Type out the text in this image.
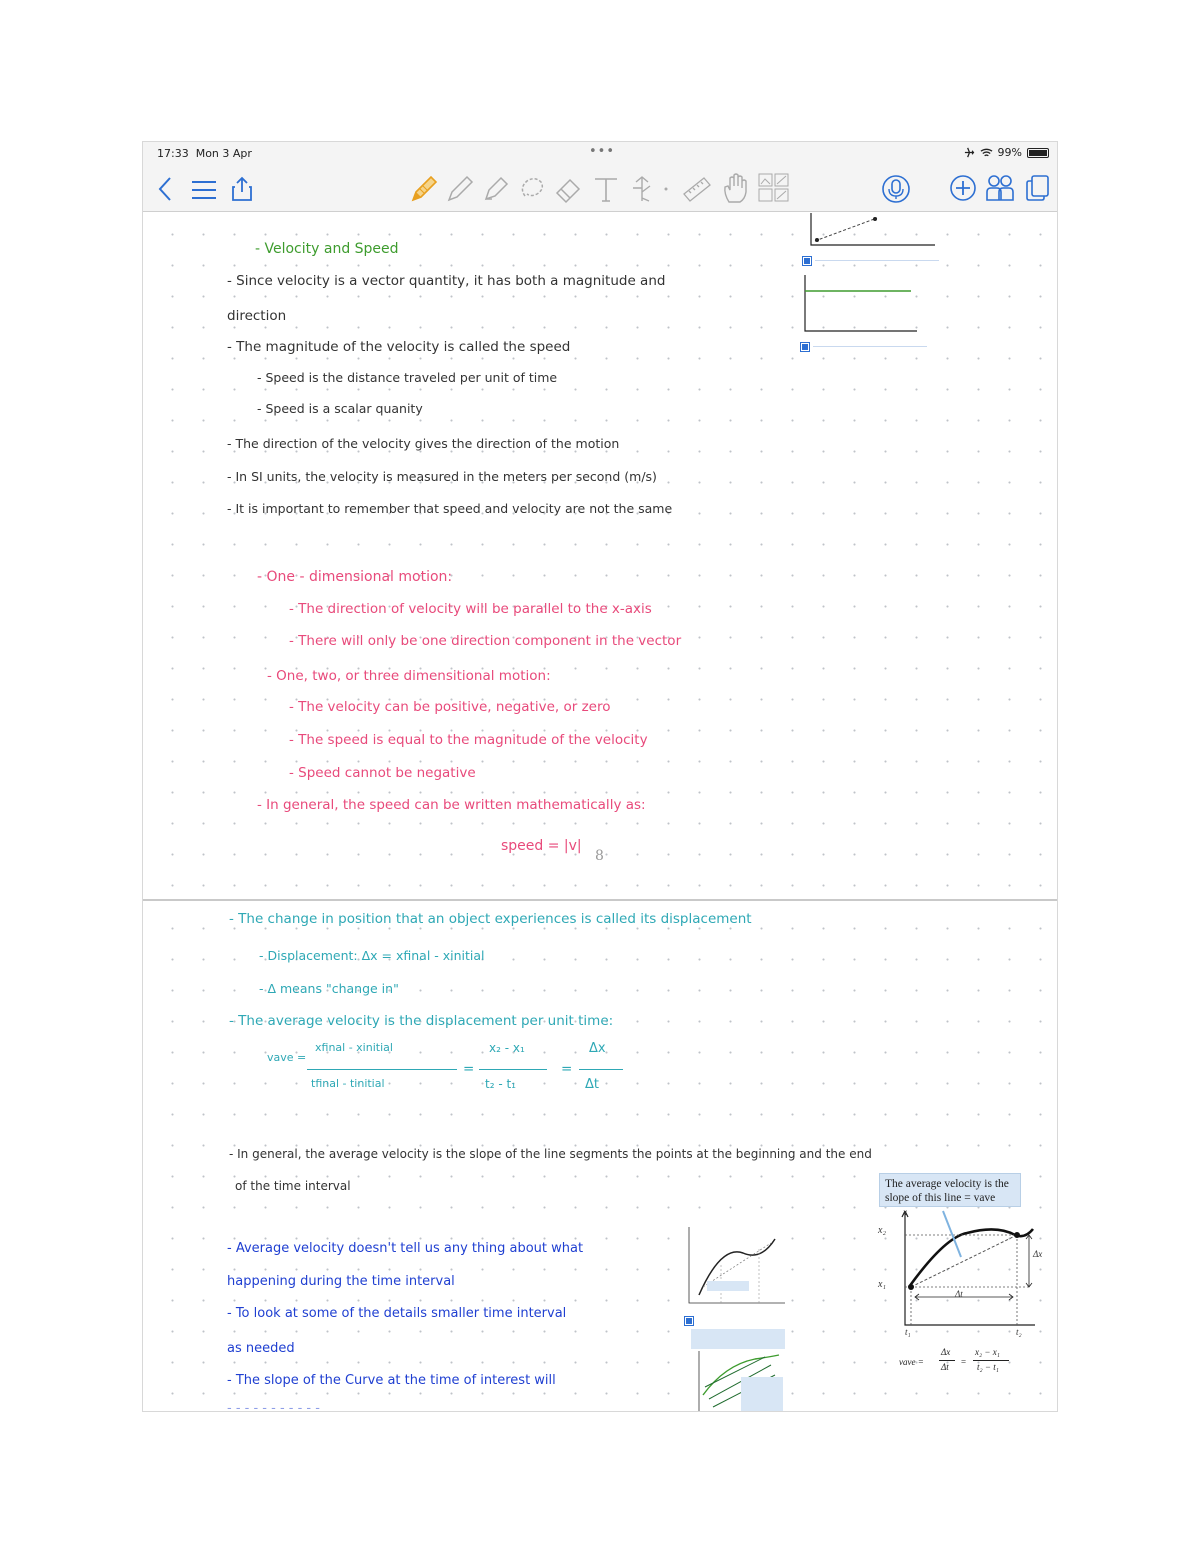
17:33 Mon 3 Apr	•••	99%
- Velocity and Speed
- Since velocity is a vector quantity, it has both a magnitude and
direction
- The magnitude of the velocity is called the speed
- Speed is the distance traveled per unit of time
- Speed is a scalar quanity
- The direction of the velocity gives the direction of the motion
- In SI units, the velocity is measured in the meters per second (m/s)
- It is important to remember that speed and velocity are not the same
- One - dimensional motion:
- The direction of velocity will be parallel to the x-axis
- There will only be one direction component in the vector
- One, two, or three dimensitional motion:
- The velocity can be positive, negative, or zero
- The speed is equal to the magnitude of the velocity
- Speed cannot be negative
- In general, the speed can be written mathematically as:
speed = |v|
8
- The change in position that an object experiences is called its displacement
- Displacement: Δx = xfinal - xinitial
- Δ means "change in"
- The average velocity is the displacement per unit time:
vave =
xfinal - xinitial
tfinal - tinitial
=
x₂ - x₁
t₂ - t₁
=
Δx
Δt
- In general, the average velocity is the slope of the line segments the points at the beginning and the end
of the time interval
- Average velocity doesn't tell us any thing about what
happening during the time interval
- To look at some of the details smaller time interval
as needed
- The slope of the Curve at the time of interest will
- - - - - - - - - - -
The average velocity is the
slope of this line = vave
x₂
x₁
x
Δt
Δx
t₁	t₂
vave =
Δx
Δt =
x₂ − x₁
t₂ − t₁
